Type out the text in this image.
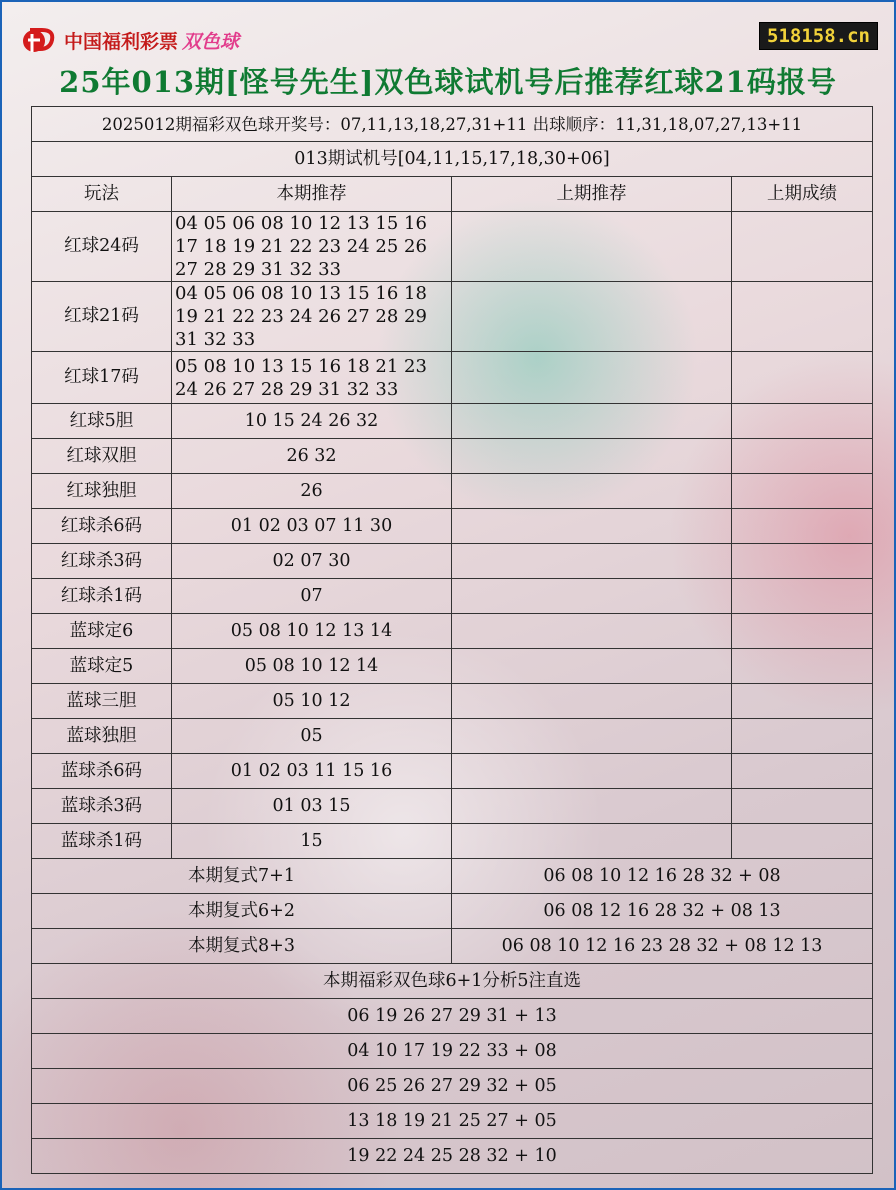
中国福利彩票 双色球	518158.cn
25年013期[怪号先生]双色球试机号后推荐红球21码报号
2025012期福彩双色球开奖号：07,11,13,18,27,31+11 出球顺序：11,31,18,07,27,13+11			
013期试机号[04,11,15,17,18,30+06]			
玩法	本期推荐	上期推荐	上期成绩
红球24码	04 05 06 08 10 12 13 15 16 17 18 19 21 22 23 24 25 26 27 28 29 31 32 33		
红球21码	04 05 06 08 10 13 15 16 18 19 21 22 23 24 26 27 28 29 31 32 33		
红球17码	05 08 10 13 15 16 18 21 23 24 26 27 28 29 31 32 33		
红球5胆	10 15 24 26 32		
红球双胆	26 32		
红球独胆	26		
红球杀6码	01 02 03 07 11 30		
红球杀3码	02 07 30		
红球杀1码	07		
蓝球定6	05 08 10 12 13 14		
蓝球定5	05 08 10 12 14		
蓝球三胆	05 10 12		
蓝球独胆	05		
蓝球杀6码	01 02 03 11 15 16		
蓝球杀3码	01 03 15		
蓝球杀1码	15		
本期复式7+1		06 08 10 12 16 28 32 + 08	
本期复式6+2		06 08 12 16 28 32 + 08 13	
本期复式8+3		06 08 10 12 16 23 28 32 + 08 12 13	
本期福彩双色球6+1分析5注直选			
06 19 26 27 29 31 + 13			
04 10 17 19 22 33 + 08			
06 25 26 27 29 32 + 05			
13 18 19 21 25 27 + 05			
19 22 24 25 28 32 + 10			
